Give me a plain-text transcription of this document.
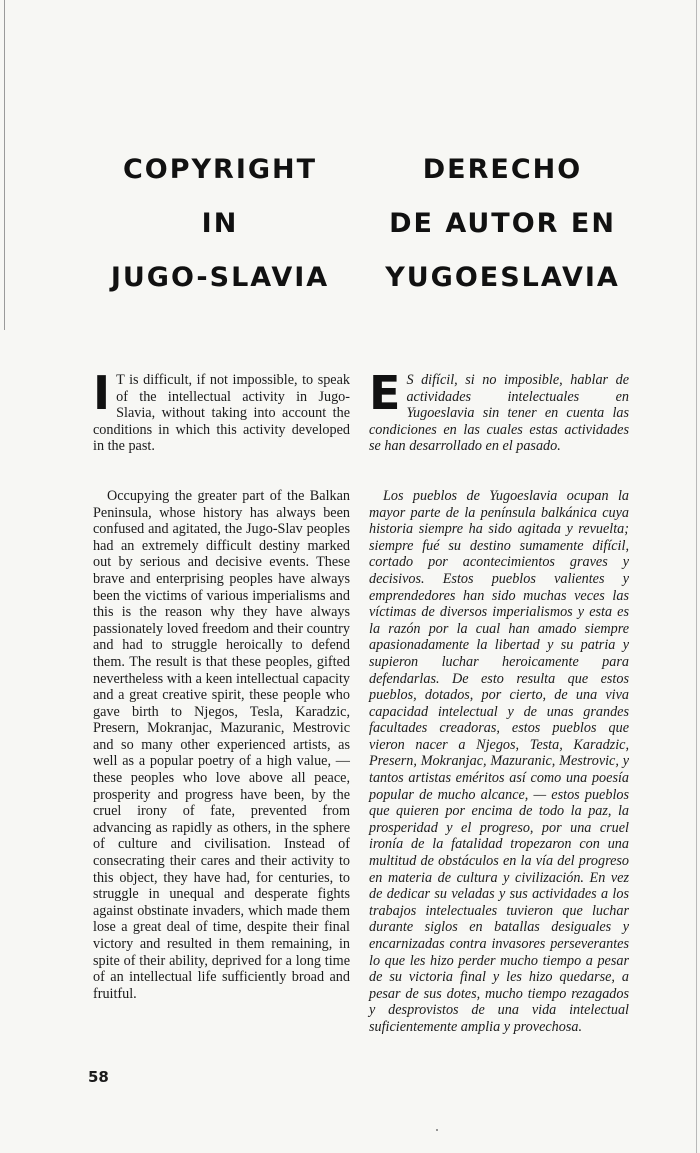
COPYRIGHT
IN
JUGO-SLAVIA
DERECHO
DE AUTOR EN
YUGOESLAVIA

I T is difficult, if not impossible, to speak of the intellectual activity in Jugo-Slavia, without taking into account the conditions in which this activity developed in the past.

Occupying the greater part of the Balkan Peninsula, whose history has always been confused and agitated, the Jugo-Slav peoples had an extremely difficult destiny marked out by serious and decisive events. These brave and enterprising peoples have always been the victims of various imperialisms and this is the reason why they have always passionately loved freedom and their country and had to struggle heroically to defend them. The result is that these peoples, gifted nevertheless with a keen intellectual capacity and a great creative spirit, these people who gave birth to Njegos, Tesla, Karadzic, Presern, Mokranjac, Mazuranic, Mestrovic and so many other experienced artists, as well as a popular poetry of a high value, — these peoples who love above all peace, prosperity and progress have been, by the cruel irony of fate, prevented from advancing as rapidly as others, in the sphere of culture and civilisation. Instead of consecrating their cares and their activity to this object, they have had, for centuries, to struggle in unequal and desperate fights against obstinate invaders, which made them lose a great deal of time, despite their final victory and resulted in them remaining, in spite of their ability, deprived for a long time of an intellectual life sufficiently broad and fruitful.

E S difícil, si no imposible, hablar de actividades intelectuales en Yugoeslavia sin tener en cuenta las condiciones en las cuales estas actividades se han desarrollado en el pasado.

Los pueblos de Yugoeslavia ocupan la mayor parte de la península balkánica cuya historia siempre ha sido agitada y revuelta; siempre fué su destino sumamente difícil, cortado por acontecimientos graves y decisivos. Estos pueblos valientes y emprendedores han sido muchas veces las víctimas de diversos imperialismos y esta es la razón por la cual han amado siempre apasionadamente la libertad y su patria y supieron luchar heroicamente para defendarlas. De esto resulta que estos pueblos, dotados, por cierto, de una viva capacidad intelectual y de unas grandes facultades creadoras, estos pueblos que vieron nacer a Njegos, Testa, Karadzic, Presern, Mokranjac, Mazuranic, Mestrovic, y tantos artistas eméritos así como una poesía popular de mucho alcance, — estos pueblos que quieren por encima de todo la paz, la prosperidad y el progreso, por una cruel ironía de la fatalidad tropezaron con una multitud de obstáculos en la vía del progreso en materia de cultura y civilización. En vez de dedicar su veladas y sus actividades a los trabajos intelectuales tuvieron que luchar durante siglos en batallas desiguales y encarnizadas contra invasores perseverantes lo que les hizo perder mucho tiempo a pesar de su victoria final y les hizo quedarse, a pesar de sus dotes, mucho tiempo rezagados y desprovistos de una vida intelectual suficientemente amplia y provechosa.

58
